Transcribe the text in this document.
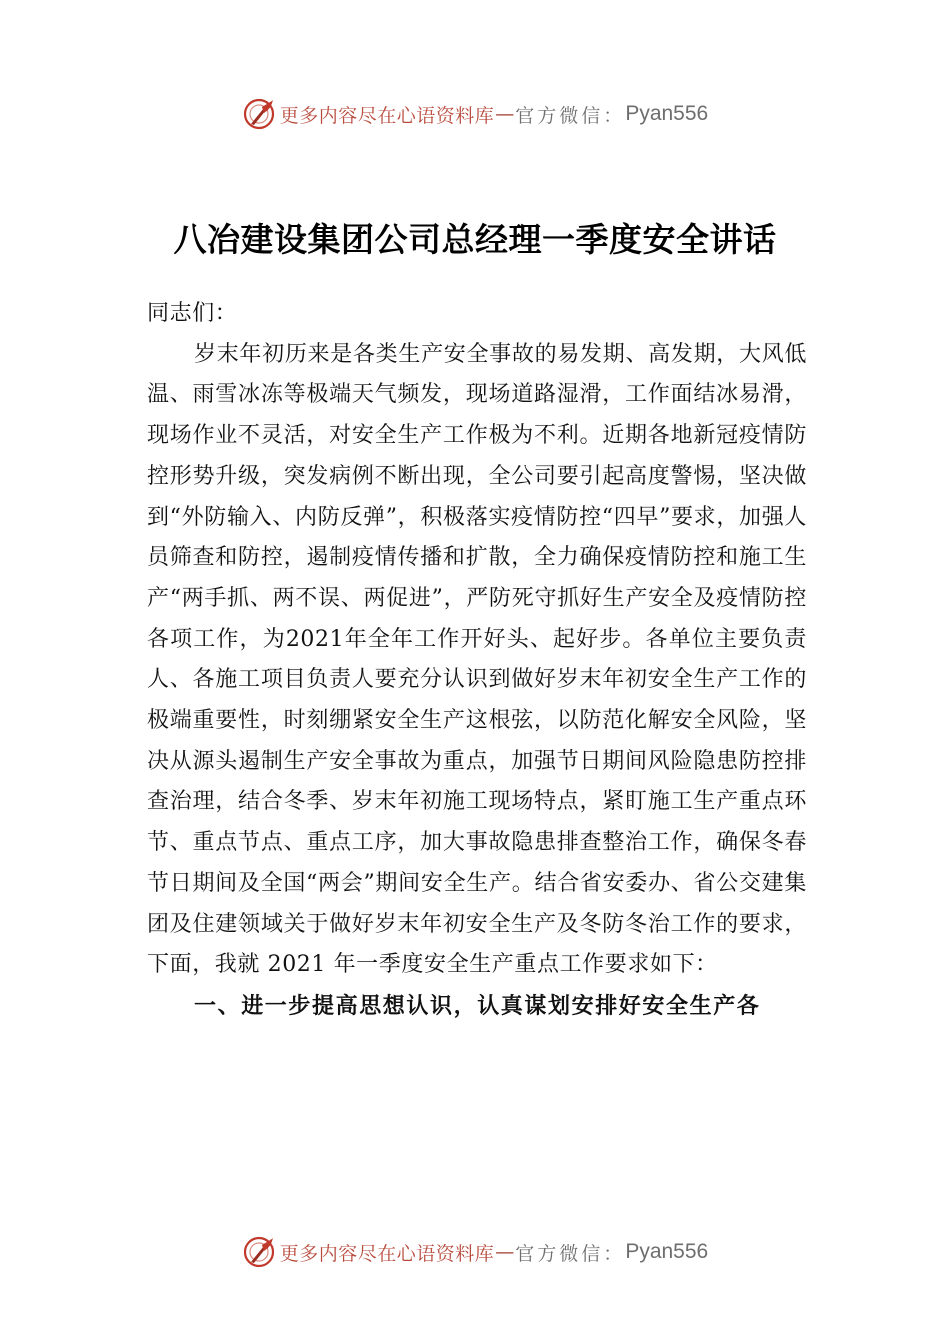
更多内容尽在心语资料库 — 官方微信： Pyan556
八冶建设集团公司总经理一季度安全讲话

同志们：

岁末年初历来是各类生产安全事故的易发期、高发期，大风低温、雨雪冰冻等极端天气频发，现场道路湿滑，工作面结冰易滑，现场作业不灵活，对安全生产工作极为不利。近期各地新冠疫情防控形势升级，突发病例不断出现，全公司要引起高度警惕，坚决做到“外防输入、内防反弹”，积极落实疫情防控“四早”要求，加强人员筛查和防控，遏制疫情传播和扩散，全力确保疫情防控和施工生产“两手抓、两不误、两促进”，严防死守抓好生产安全及疫情防控各项工作，为2021年全年工作开好头、起好步。各单位主要负责人、各施工项目负责人要充分认识到做好岁末年初安全生产工作的极端重要性，时刻绷紧安全生产这根弦，以防范化解安全风险，坚决从源头遏制生产安全事故为重点，加强节日期间风险隐患防控排查治理，结合冬季、岁末年初施工现场特点，紧盯施工生产重点环节、重点节点、重点工序，加大事故隐患排查整治工作，确保冬春节日期间及全国“两会”期间安全生产。结合省安委办、省公交建集团及住建领域关于做好岁末年初安全生产及冬防冬治工作的要求，下面，我就 2021 年一季度安全生产重点工作要求如下：

一、进一步提高思想认识，认真谋划安排好安全生产各

更多内容尽在心语资料库 — 官方微信： Pyan556
